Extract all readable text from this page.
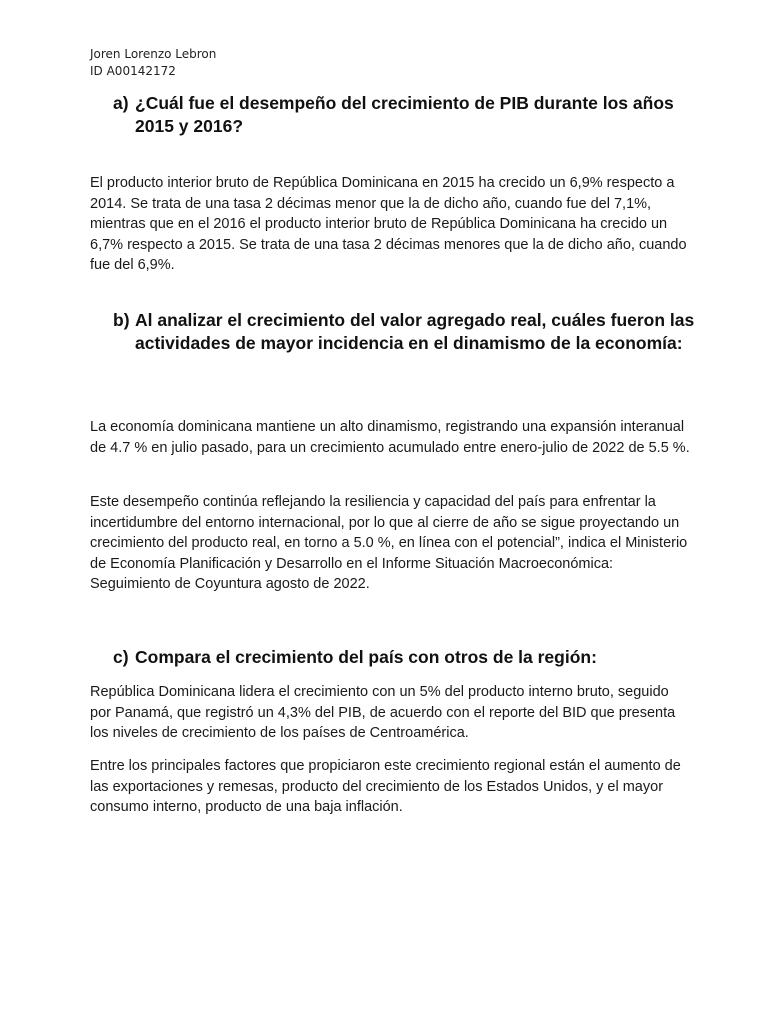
Joren Lorenzo Lebron
ID A00142172
a) ¿Cuál fue el desempeño del crecimiento de PIB durante los años 2015 y 2016?

El producto interior bruto de República Dominicana en 2015 ha crecido un 6,9% respecto a 2014. Se trata de una tasa 2 décimas menor que la de dicho año, cuando fue del 7,1%, mientras que en el 2016 el producto interior bruto de República Dominicana ha crecido un 6,7% respecto a 2015. Se trata de una tasa 2 décimas menores que la de dicho año, cuando fue del 6,9%.

b) Al analizar el crecimiento del valor agregado real, cuáles fueron las actividades de mayor incidencia en el dinamismo de la economía:

La economía dominicana mantiene un alto dinamismo, registrando una expansión interanual de 4.7 % en julio pasado, para un crecimiento acumulado entre enero-julio de 2022 de 5.5 %.

Este desempeño continúa reflejando la resiliencia y capacidad del país para enfrentar la incertidumbre del entorno internacional, por lo que al cierre de año se sigue proyectando un crecimiento del producto real, en torno a 5.0 %, en línea con el potencial”, indica el Ministerio de Economía Planificación y Desarrollo en el Informe Situación Macroeconómica: Seguimiento de Coyuntura agosto de 2022.

c) Compara el crecimiento del país con otros de la región:

República Dominicana lidera el crecimiento con un 5% del producto interno bruto, seguido por Panamá, que registró un 4,3% del PIB, de acuerdo con el reporte del BID que presenta los niveles de crecimiento de los países de Centroamérica.

Entre los principales factores que propiciaron este crecimiento regional están el aumento de las exportaciones y remesas, producto del crecimiento de los Estados Unidos, y el mayor consumo interno, producto de una baja inflación.
